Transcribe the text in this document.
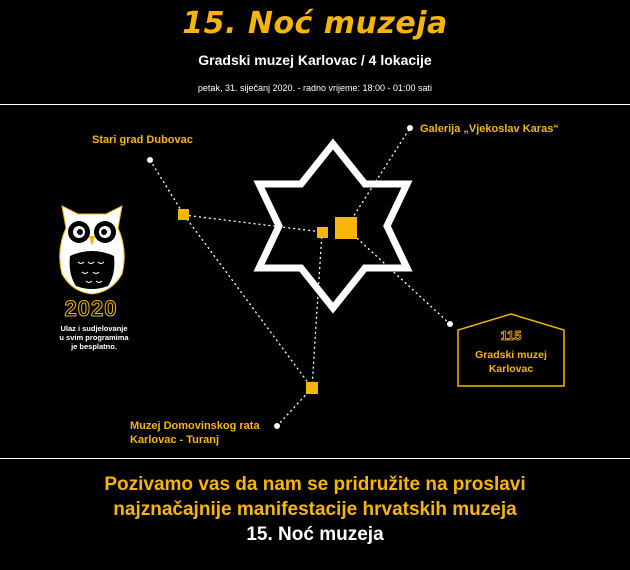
15. Noć muzeja
Gradski muzej Karlovac / 4 lokacije
petak, 31. siječanj 2020. - radno vrijeme: 18:00 - 01:00 sati
Stari grad Dubovac
Galerija „Vjekoslav Karas“
Muzej Domovinskog rata
Karlovac - Turanj
115
Gradski muzej
Karlovac
2020
Ulaz i sudjelovanje
u svim programima
je besplatno.
Pozivamo vas da nam se pridružite na proslavi
najznačajnije manifestacije hrvatskih muzeja
15. Noć muzeja
